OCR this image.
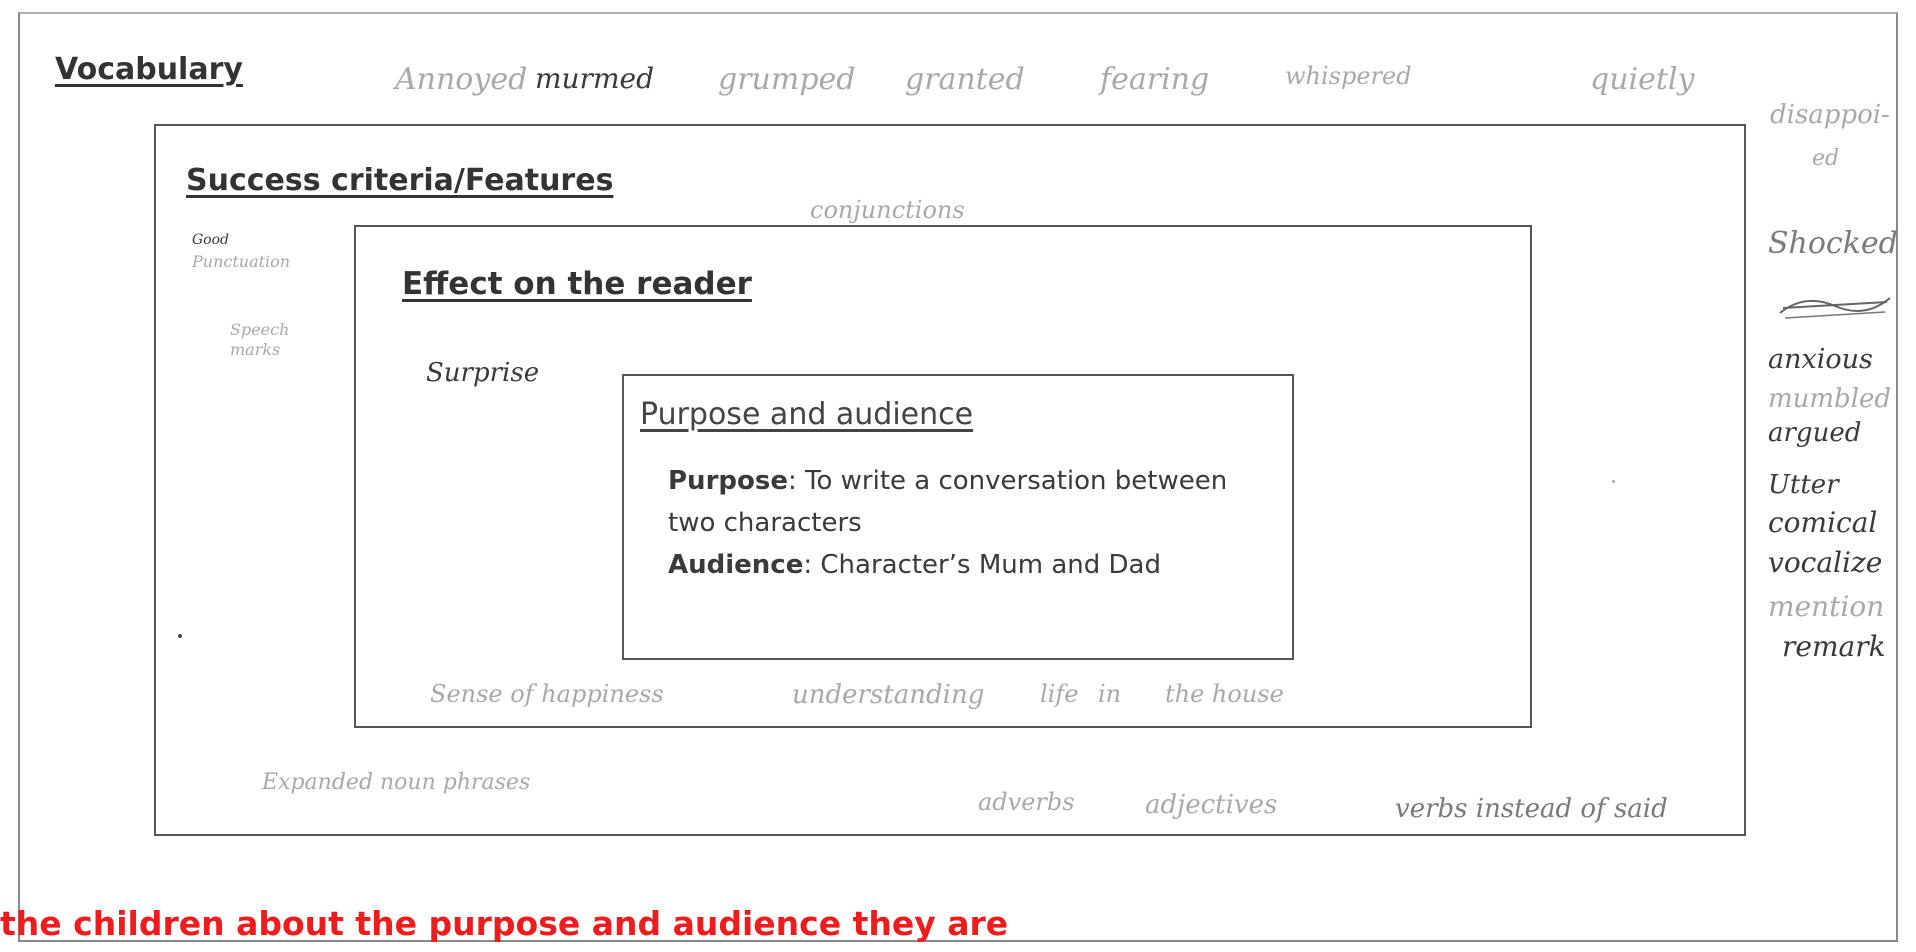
Vocabulary	Annoyed murmed grumped granted	fearing	whispered	quietly
disappoi-
ed
Shocked
anxious
mumbled
argued
Utter
comical
vocalize
mention
remark
Success criteria/Features
conjunctions
Good
Punctuation
Speech
marks
Expanded noun phrases
adverbs	adjectives	verbs instead of said
Effect on the reader
Surprise
Sense of happiness	understanding life in the house
Purpose and audience
Purpose: To write a conversation between two characters
Audience: Character’s Mum and Dad
the children about the purpose and audience they are
